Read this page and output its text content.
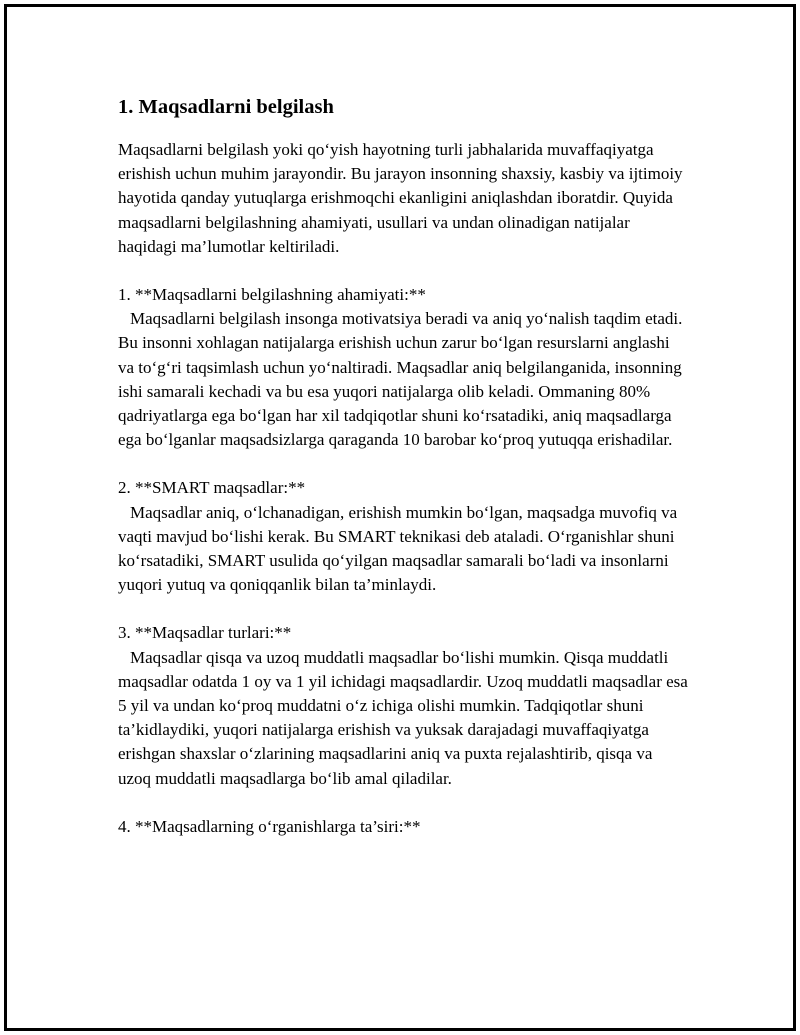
1. Maqsadlarni belgilash

Maqsadlarni belgilash yoki qo‘yish hayotning turli jabhalarida muvaffaqiyatga erishish uchun muhim jarayondir. Bu jarayon insonning shaxsiy, kasbiy va ijtimoiy hayotida qanday yutuqlarga erishmoqchi ekanligini aniqlashdan iboratdir. Quyida maqsadlarni belgilashning ahamiyati, usullari va undan olinadigan natijalar haqidagi ma’lumotlar keltiriladi.

1. **Maqsadlarni belgilashning ahamiyati:**
Maqsadlarni belgilash insonga motivatsiya beradi va aniq yo‘nalish taqdim etadi. Bu insonni xohlagan natijalarga erishish uchun zarur bo‘lgan resurslarni anglashi va to‘g‘ri taqsimlash uchun yo‘naltiradi. Maqsadlar aniq belgilanganida, insonning ishi samarali kechadi va bu esa yuqori natijalarga olib keladi. Ommaning 80% qadriyatlarga ega bo‘lgan har xil tadqiqotlar shuni ko‘rsatadiki, aniq maqsadlarga ega bo‘lganlar maqsadsizlarga qaraganda 10 barobar ko‘proq yutuqqa erishadilar.
2. **SMART maqsadlar:**
Maqsadlar aniq, o‘lchanadigan, erishish mumkin bo‘lgan, maqsadga muvofiq va vaqti mavjud bo‘lishi kerak. Bu SMART teknikasi deb ataladi. O‘rganishlar shuni ko‘rsatadiki, SMART usulida qo‘yilgan maqsadlar samarali bo‘ladi va insonlarni yuqori yutuq va qoniqqanlik bilan ta’minlaydi.
3. **Maqsadlar turlari:**
Maqsadlar qisqa va uzoq muddatli maqsadlar bo‘lishi mumkin. Qisqa muddatli maqsadlar odatda 1 oy va 1 yil ichidagi maqsadlardir. Uzoq muddatli maqsadlar esa 5 yil va undan ko‘proq muddatni o‘z ichiga olishi mumkin. Tadqiqotlar shuni ta’kidlaydiki, yuqori natijalarga erishish va yuksak darajadagi muvaffaqiyatga erishgan shaxslar o‘zlarining maqsadlarini aniq va puxta rejalashtirib, qisqa va uzoq muddatli maqsadlarga bo‘lib amal qiladilar.
4. **Maqsadlarning o‘rganishlarga ta’siri:**
